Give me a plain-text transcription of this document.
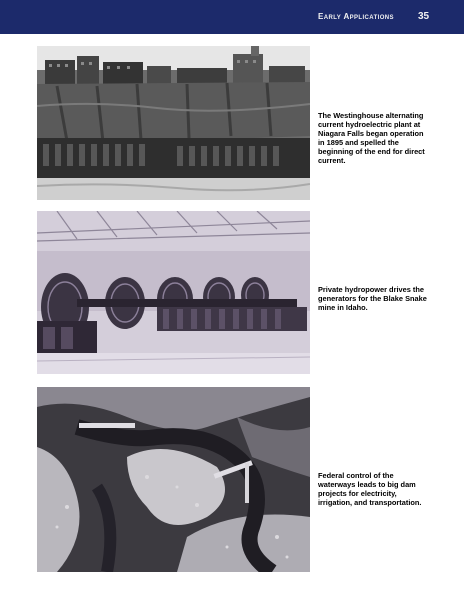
Early Applications 35
The Westinghouse alternating current hydroelectric plant at Niagara Falls began operation in 1895 and spelled the beginning of the end for direct current.
Private hydropower drives the generators for the Blake Snake mine in Idaho.
Federal control of the waterways leads to big dam projects for electricity, irrigation, and transportation.
